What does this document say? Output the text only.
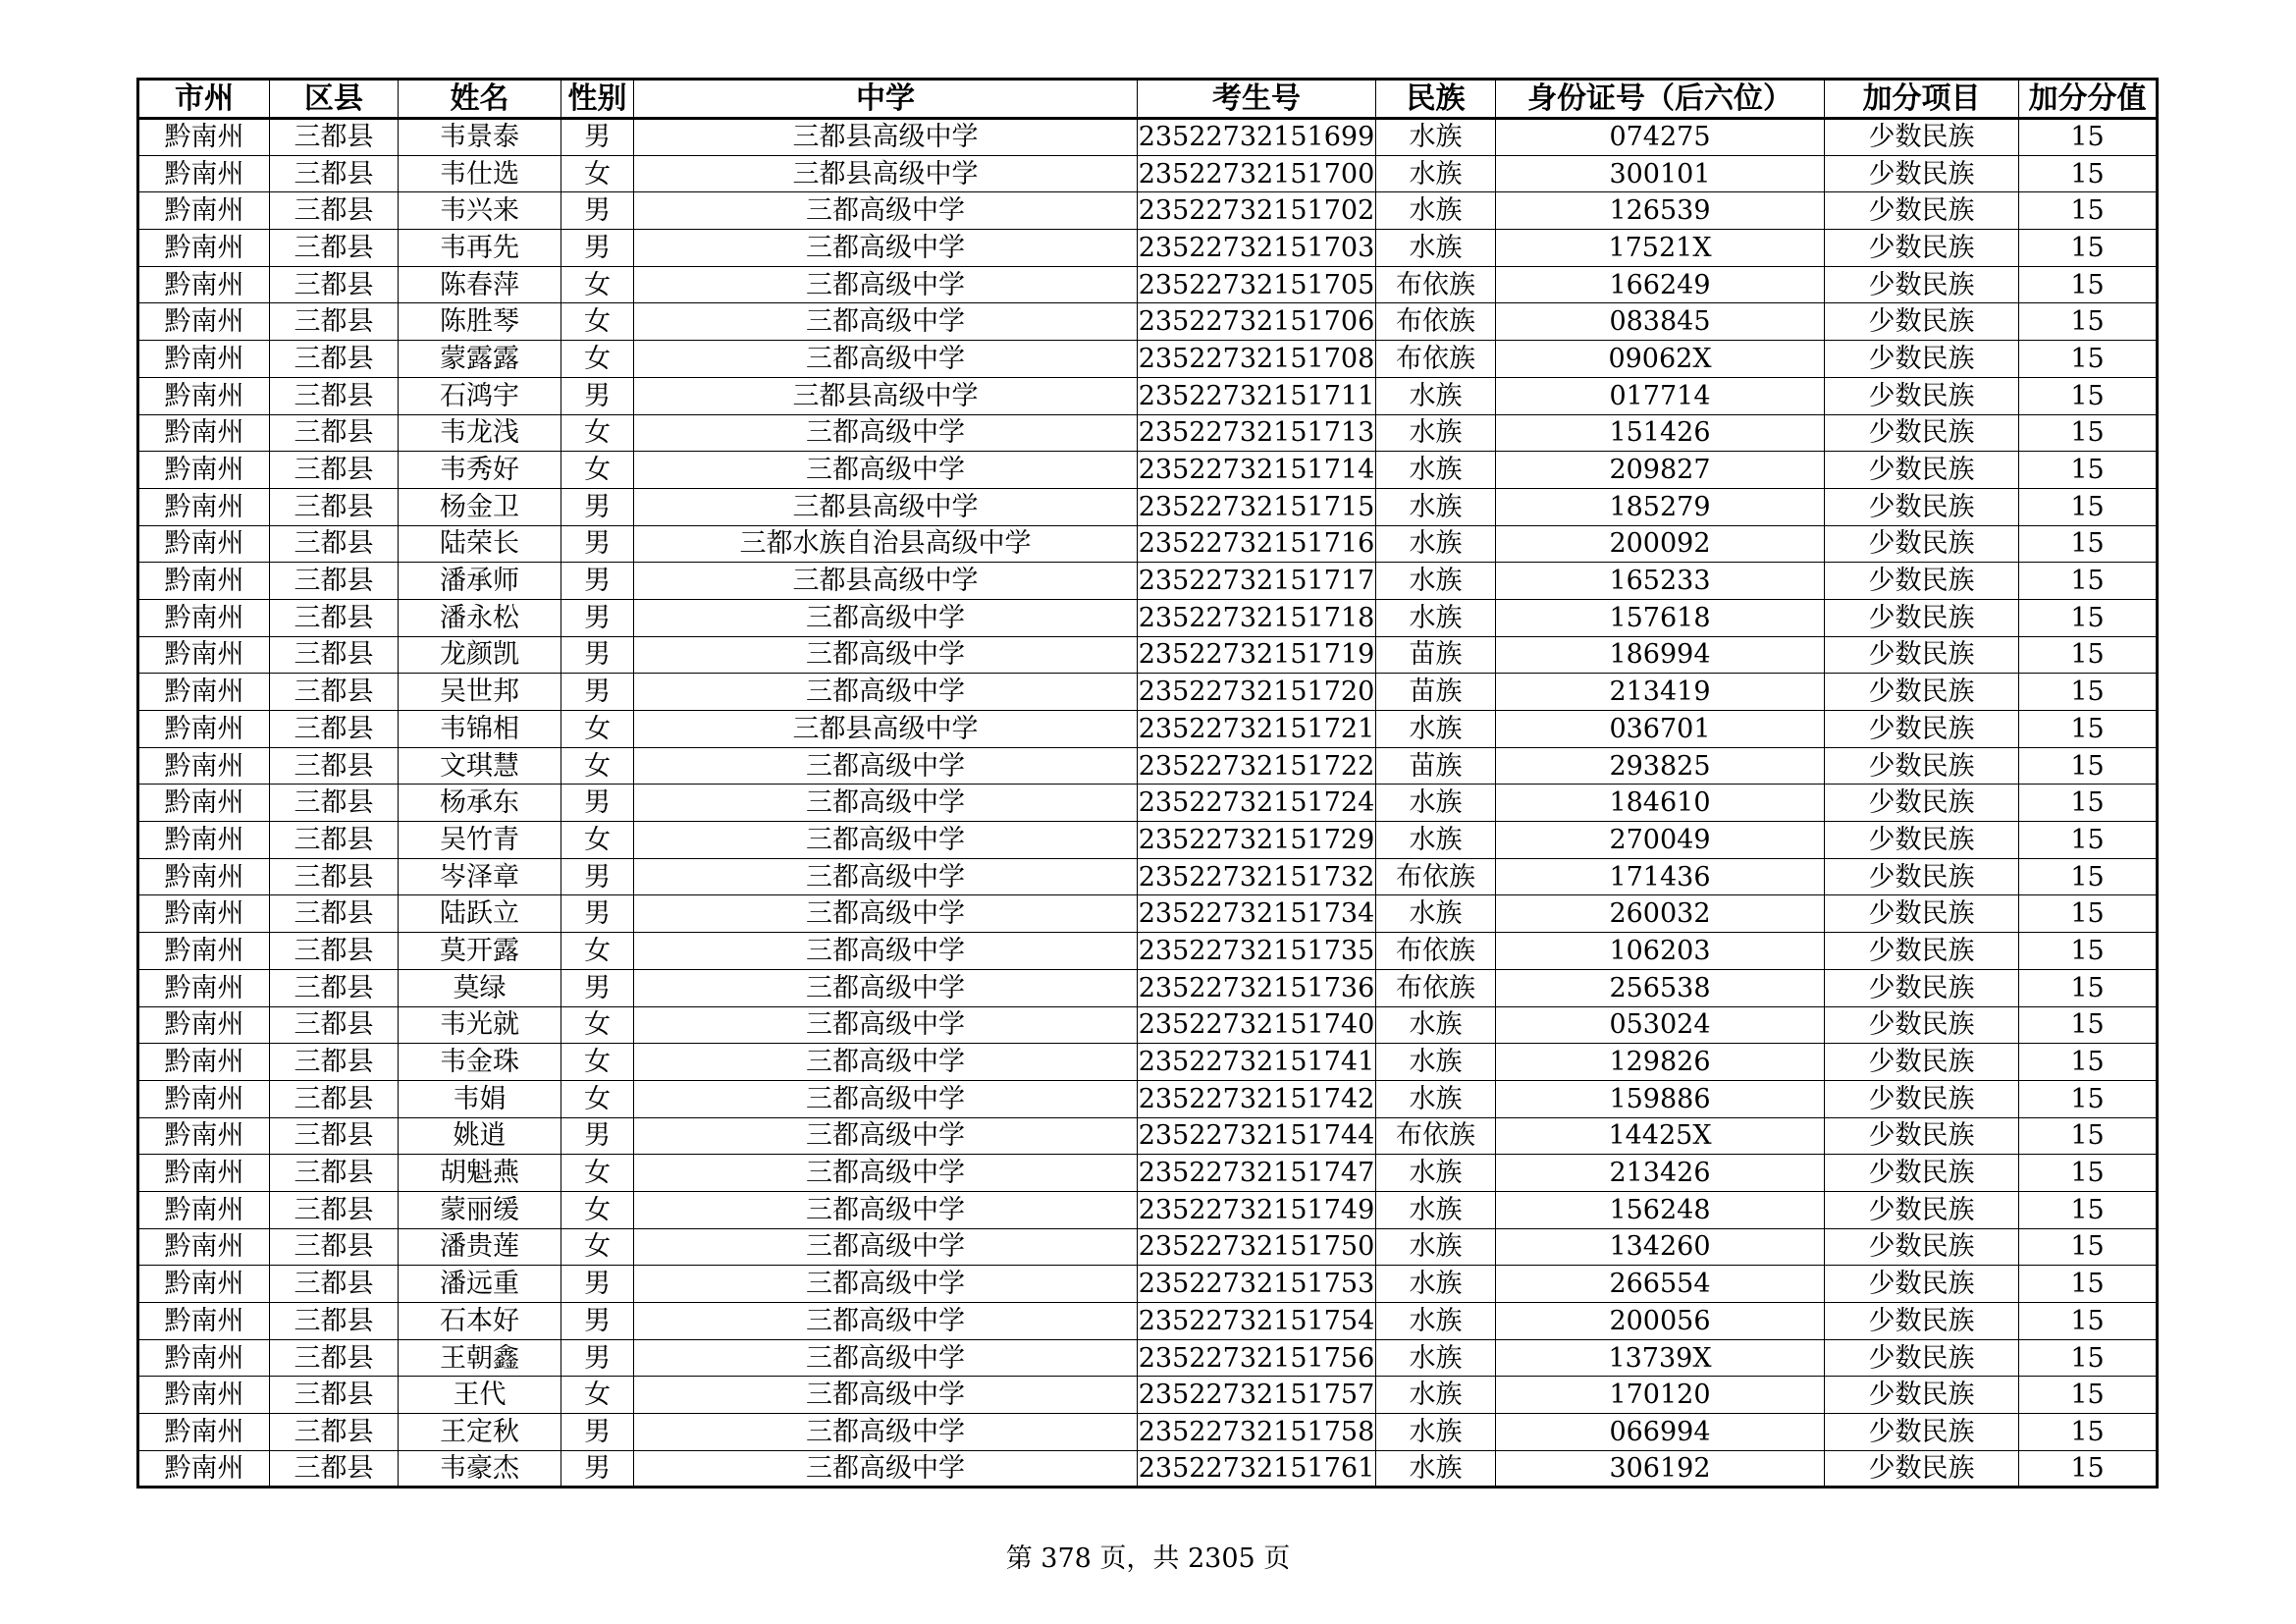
市州	区县	姓名	性别	中学	考生号	民族	身份证号（后六位）	加分项目	加分分值
黔南州	三都县	韦景泰	男	三都县高级中学	23522732151699	水族	074275	少数民族	15
黔南州	三都县	韦仕选	女	三都县高级中学	23522732151700	水族	300101	少数民族	15
黔南州	三都县	韦兴来	男	三都高级中学	23522732151702	水族	126539	少数民族	15
黔南州	三都县	韦再先	男	三都高级中学	23522732151703	水族	17521X	少数民族	15
黔南州	三都县	陈春萍	女	三都高级中学	23522732151705	布依族	166249	少数民族	15
黔南州	三都县	陈胜琴	女	三都高级中学	23522732151706	布依族	083845	少数民族	15
黔南州	三都县	蒙露露	女	三都高级中学	23522732151708	布依族	09062X	少数民族	15
黔南州	三都县	石鸿宇	男	三都县高级中学	23522732151711	水族	017714	少数民族	15
黔南州	三都县	韦龙浅	女	三都高级中学	23522732151713	水族	151426	少数民族	15
黔南州	三都县	韦秀好	女	三都高级中学	23522732151714	水族	209827	少数民族	15
黔南州	三都县	杨金卫	男	三都县高级中学	23522732151715	水族	185279	少数民族	15
黔南州	三都县	陆荣长	男	三都水族自治县高级中学	23522732151716	水族	200092	少数民族	15
黔南州	三都县	潘承师	男	三都县高级中学	23522732151717	水族	165233	少数民族	15
黔南州	三都县	潘永松	男	三都高级中学	23522732151718	水族	157618	少数民族	15
黔南州	三都县	龙颜凯	男	三都高级中学	23522732151719	苗族	186994	少数民族	15
黔南州	三都县	吴世邦	男	三都高级中学	23522732151720	苗族	213419	少数民族	15
黔南州	三都县	韦锦相	女	三都县高级中学	23522732151721	水族	036701	少数民族	15
黔南州	三都县	文琪慧	女	三都高级中学	23522732151722	苗族	293825	少数民族	15
黔南州	三都县	杨承东	男	三都高级中学	23522732151724	水族	184610	少数民族	15
黔南州	三都县	吴竹青	女	三都高级中学	23522732151729	水族	270049	少数民族	15
黔南州	三都县	岑泽章	男	三都高级中学	23522732151732	布依族	171436	少数民族	15
黔南州	三都县	陆跃立	男	三都高级中学	23522732151734	水族	260032	少数民族	15
黔南州	三都县	莫开露	女	三都高级中学	23522732151735	布依族	106203	少数民族	15
黔南州	三都县	莫绿	男	三都高级中学	23522732151736	布依族	256538	少数民族	15
黔南州	三都县	韦光就	女	三都高级中学	23522732151740	水族	053024	少数民族	15
黔南州	三都县	韦金珠	女	三都高级中学	23522732151741	水族	129826	少数民族	15
黔南州	三都县	韦娟	女	三都高级中学	23522732151742	水族	159886	少数民族	15
黔南州	三都县	姚逍	男	三都高级中学	23522732151744	布依族	14425X	少数民族	15
黔南州	三都县	胡魁燕	女	三都高级中学	23522732151747	水族	213426	少数民族	15
黔南州	三都县	蒙丽缓	女	三都高级中学	23522732151749	水族	156248	少数民族	15
黔南州	三都县	潘贵莲	女	三都高级中学	23522732151750	水族	134260	少数民族	15
黔南州	三都县	潘远重	男	三都高级中学	23522732151753	水族	266554	少数民族	15
黔南州	三都县	石本好	男	三都高级中学	23522732151754	水族	200056	少数民族	15
黔南州	三都县	王朝鑫	男	三都高级中学	23522732151756	水族	13739X	少数民族	15
黔南州	三都县	王代	女	三都高级中学	23522732151757	水族	170120	少数民族	15
黔南州	三都县	王定秋	男	三都高级中学	23522732151758	水族	066994	少数民族	15
黔南州	三都县	韦豪杰	男	三都高级中学	23522732151761	水族	306192	少数民族	15
第 378 页，共 2305 页
